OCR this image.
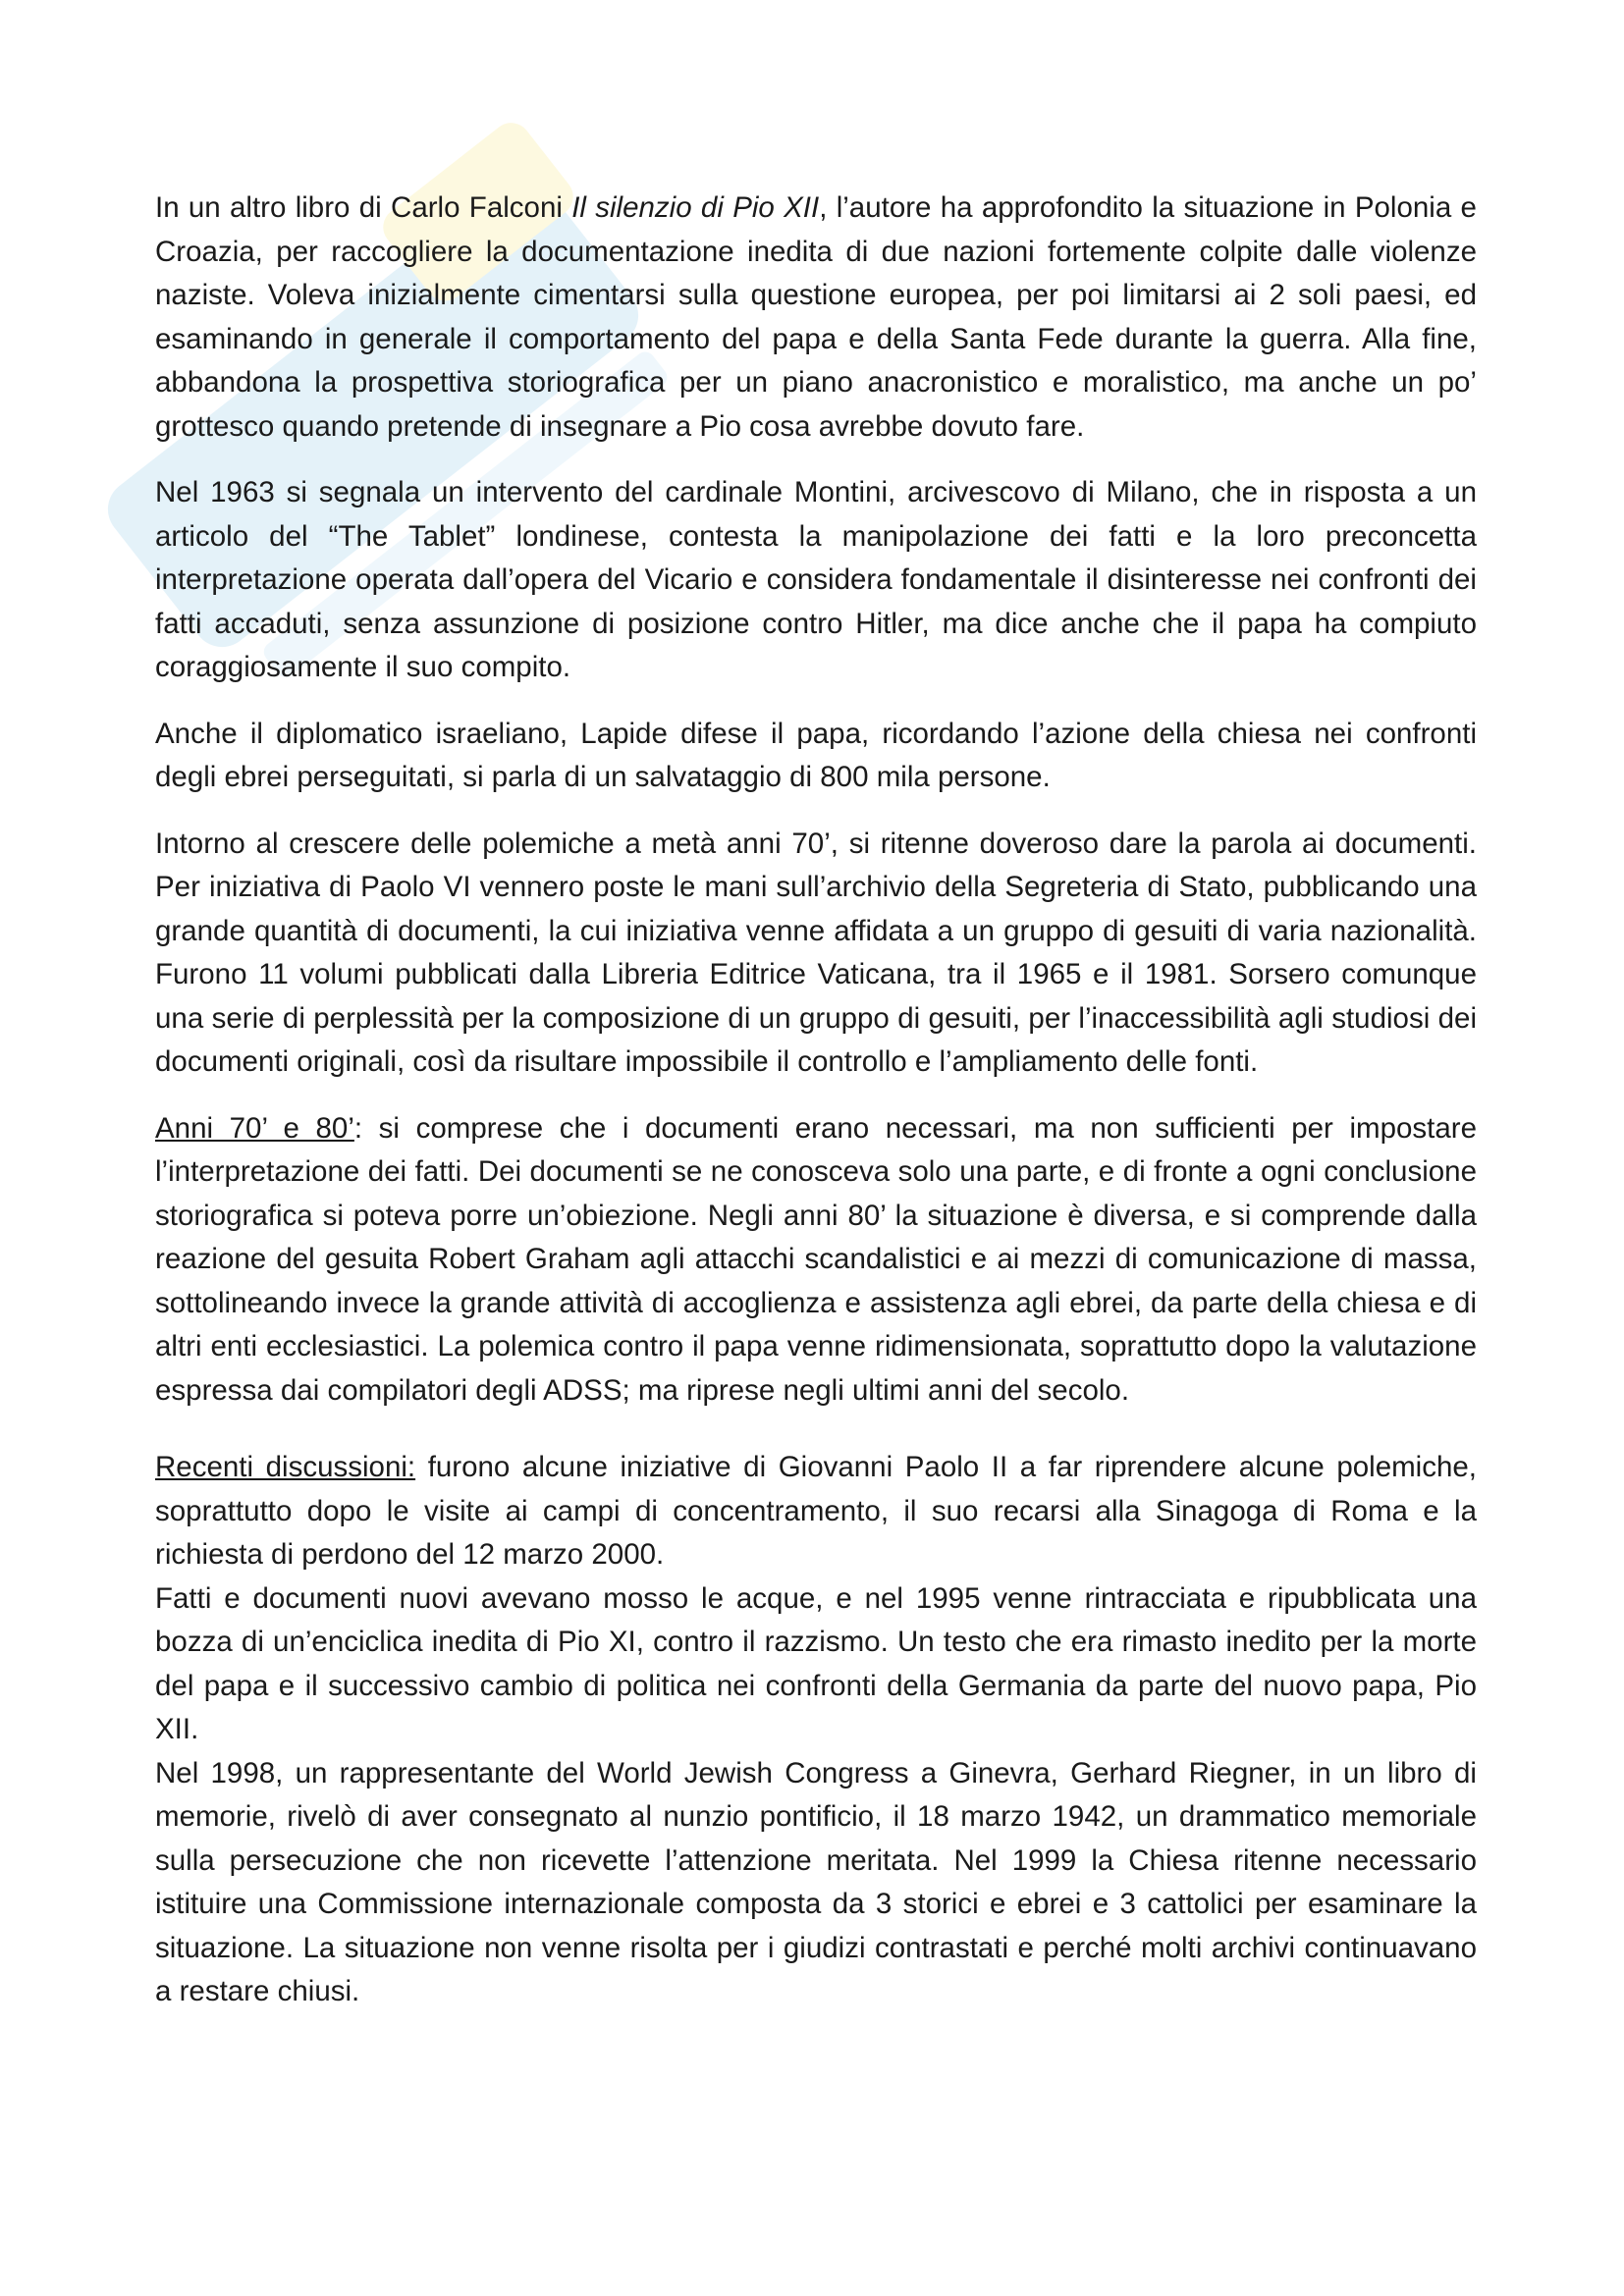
In un altro libro di Carlo Falconi Il silenzio di Pio XII, l’autore ha approfondito la situazione in Polonia e Croazia, per raccogliere la documentazione inedita di due nazioni fortemente colpite dalle violenze naziste. Voleva inizialmente cimentarsi sulla questione europea, per poi limitarsi ai 2 soli paesi, ed esaminando in generale il comportamento del papa e della Santa Fede durante la guerra. Alla fine, abbandona la prospettiva storiografica per un piano anacronistico e moralistico, ma anche un po’ grottesco quando pretende di insegnare a Pio cosa avrebbe dovuto fare.

Nel 1963 si segnala un intervento del cardinale Montini, arcivescovo di Milano, che in risposta a un articolo del “The Tablet” londinese, contesta la manipolazione dei fatti e la loro preconcetta interpretazione operata dall’opera del Vicario e considera fondamentale il disinteresse nei confronti dei fatti accaduti, senza assunzione di posizione contro Hitler, ma dice anche che il papa ha compiuto coraggiosamente il suo compito.

Anche il diplomatico israeliano, Lapide difese il papa, ricordando l’azione della chiesa nei confronti degli ebrei perseguitati, si parla di un salvataggio di 800 mila persone.

Intorno al crescere delle polemiche a metà anni 70’, si ritenne doveroso dare la parola ai documenti. Per iniziativa di Paolo VI vennero poste le mani sull’archivio della Segreteria di Stato, pubblicando una grande quantità di documenti, la cui iniziativa venne affidata a un gruppo di gesuiti di varia nazionalità. Furono 11 volumi pubblicati dalla Libreria Editrice Vaticana, tra il 1965 e il 1981. Sorsero comunque una serie di perplessità per la composizione di un gruppo di gesuiti, per l’inaccessibilità agli studiosi dei documenti originali, così da risultare impossibile il controllo e l’ampliamento delle fonti.

Anni 70’ e 80’: si comprese che i documenti erano necessari, ma non sufficienti per impostare l’interpretazione dei fatti. Dei documenti se ne conosceva solo una parte, e di fronte a ogni conclusione storiografica si poteva porre un’obiezione. Negli anni 80’ la situazione è diversa, e si comprende dalla reazione del gesuita Robert Graham agli attacchi scandalistici e ai mezzi di comunicazione di massa, sottolineando invece la grande attività di accoglienza e assistenza agli ebrei, da parte della chiesa e di altri enti ecclesiastici. La polemica contro il papa venne ridimensionata, soprattutto dopo la valutazione espressa dai compilatori degli ADSS; ma riprese negli ultimi anni del secolo.

Recenti discussioni: furono alcune iniziative di Giovanni Paolo II a far riprendere alcune polemiche, soprattutto dopo le visite ai campi di concentramento, il suo recarsi alla Sinagoga di Roma e la richiesta di perdono del 12 marzo 2000.

Fatti e documenti nuovi avevano mosso le acque, e nel 1995 venne rintracciata e ripubblicata una bozza di un’enciclica inedita di Pio XI, contro il razzismo. Un testo che era rimasto inedito per la morte del papa e il successivo cambio di politica nei confronti della Germania da parte del nuovo papa, Pio XII.

Nel 1998, un rappresentante del World Jewish Congress a Ginevra, Gerhard Riegner, in un libro di memorie, rivelò di aver consegnato al nunzio pontificio, il 18 marzo 1942, un drammatico memoriale sulla persecuzione che non ricevette l’attenzione meritata. Nel 1999 la Chiesa ritenne necessario istituire una Commissione internazionale composta da 3 storici e ebrei e 3 cattolici per esaminare la situazione. La situazione non venne risolta per i giudizi contrastati e perché molti archivi continuavano a restare chiusi.
